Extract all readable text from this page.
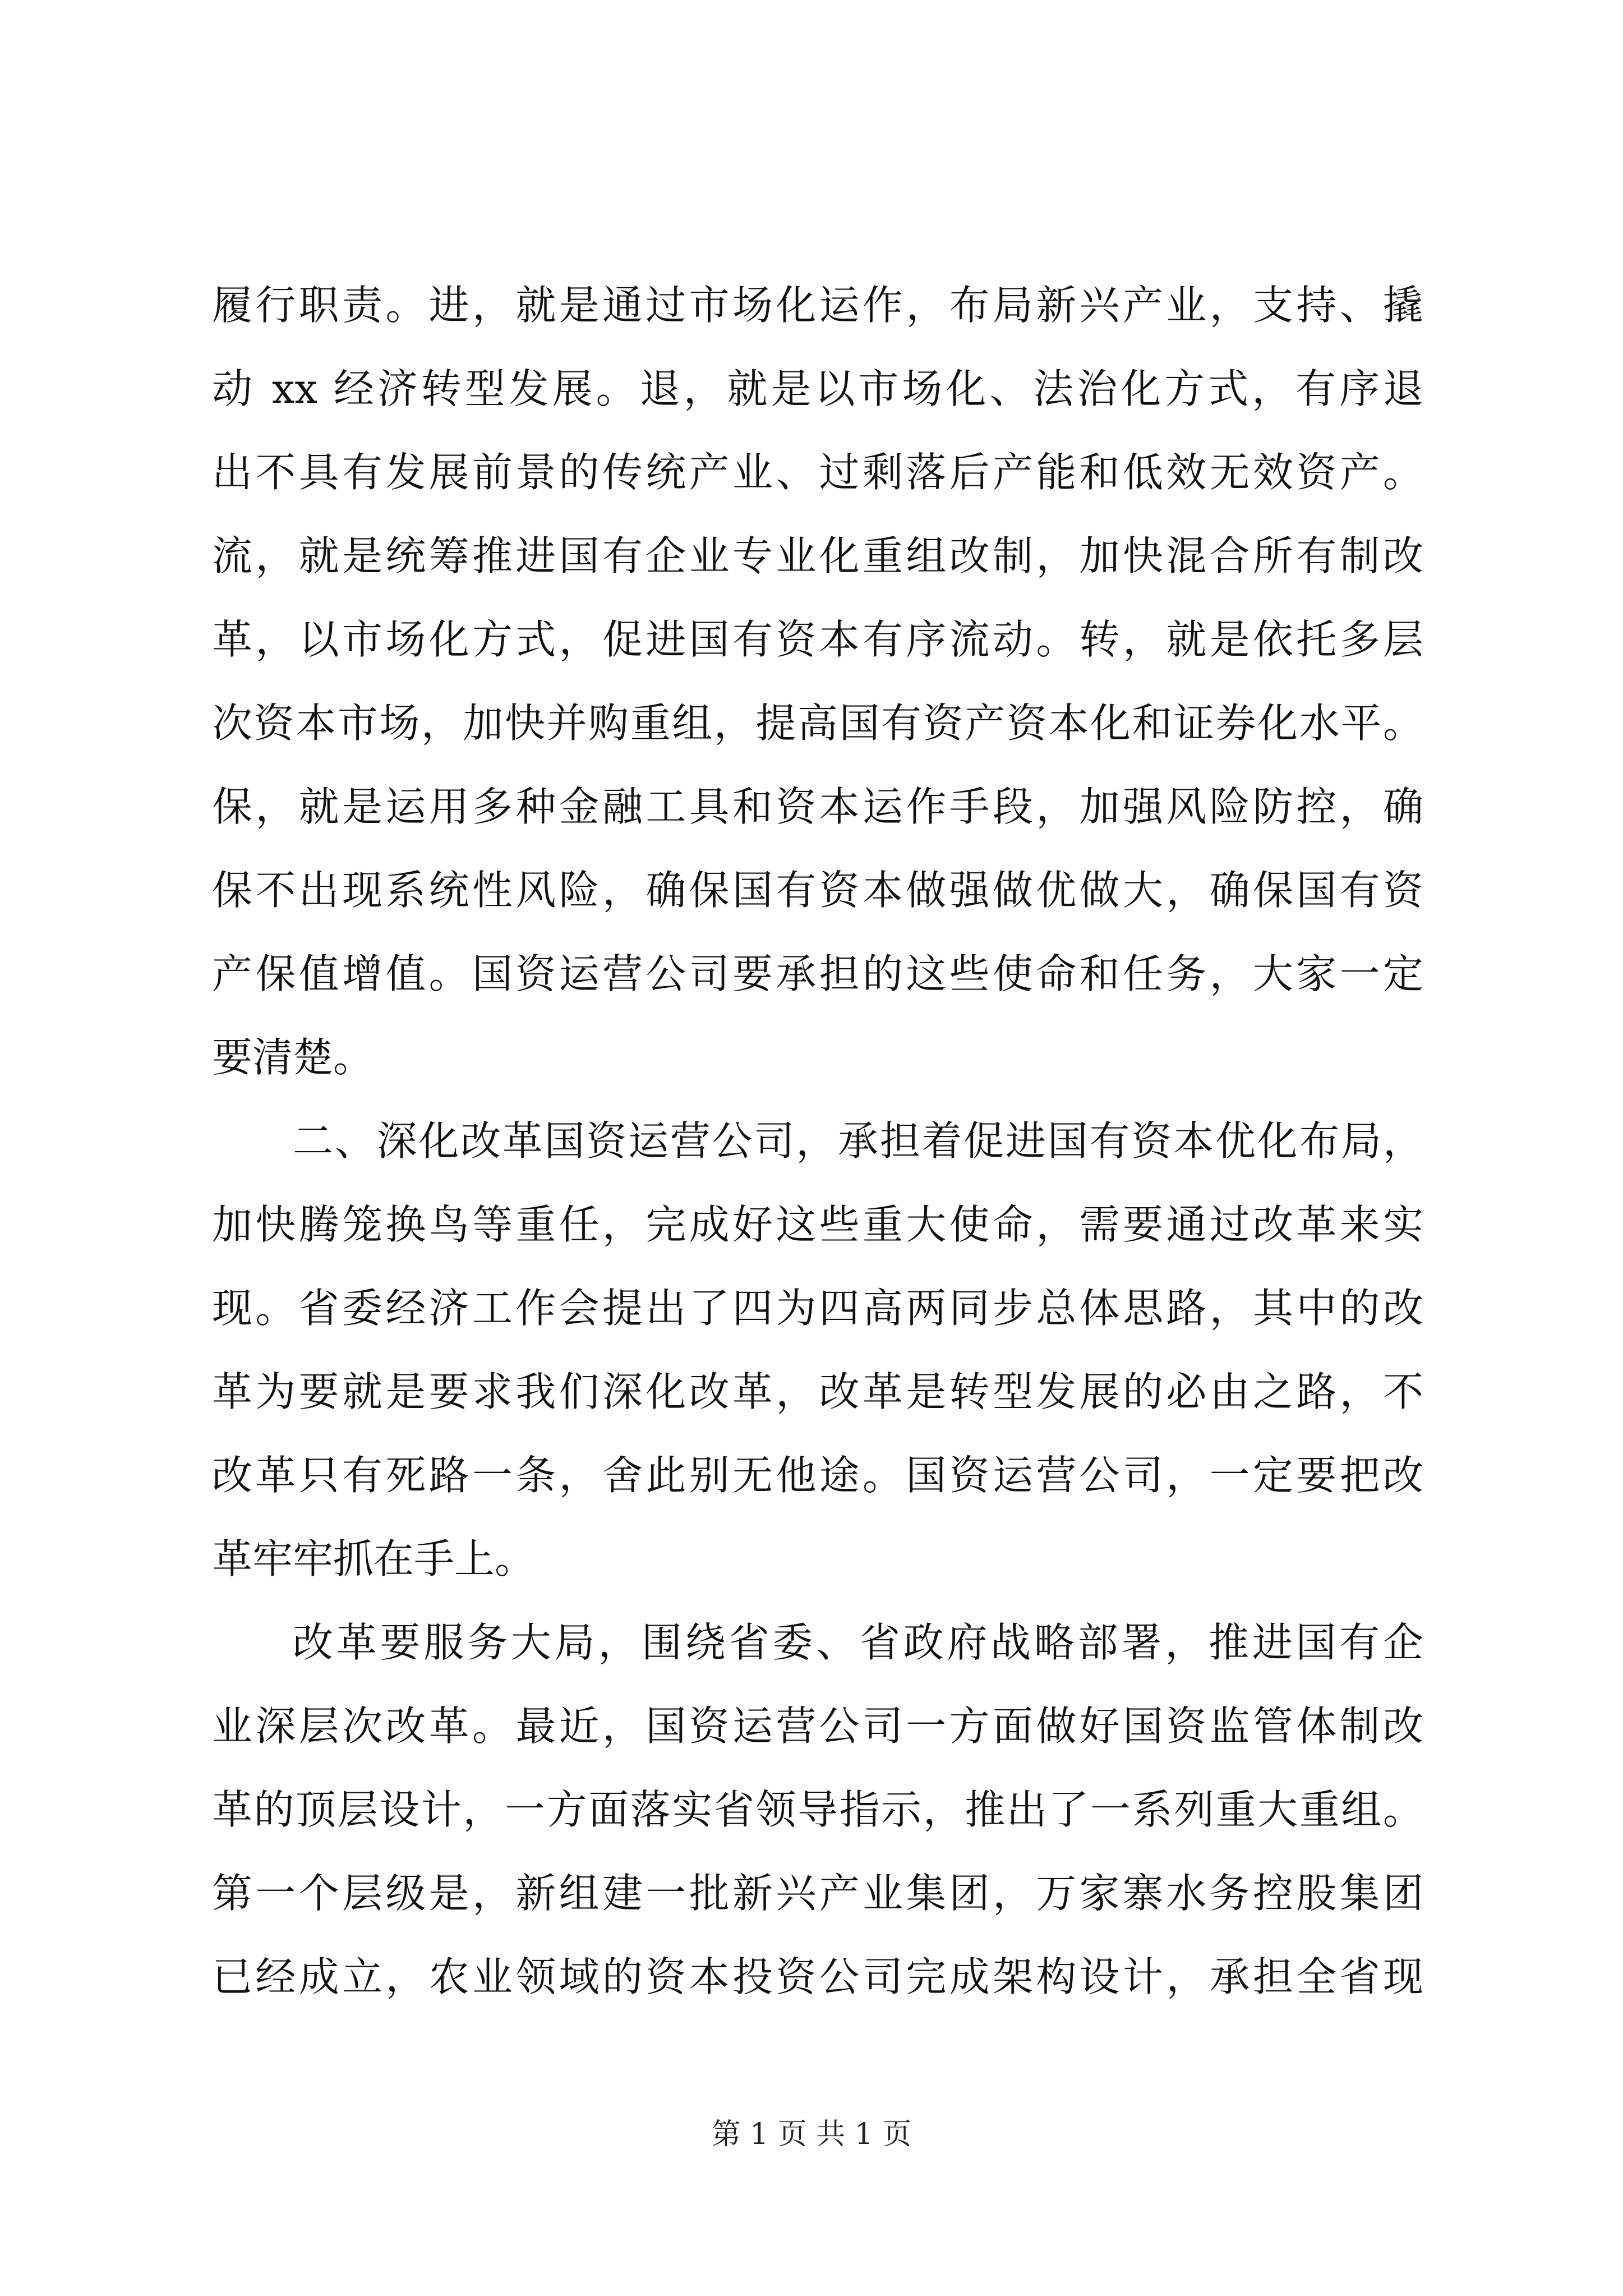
履行职责。进，就是通过市场化运作，布局新兴产业，支持、撬
动 xx 经济转型发展。退，就是以市场化、法治化方式，有序退
出不具有发展前景的传统产业、过剩落后产能和低效无效资产。
流，就是统筹推进国有企业专业化重组改制，加快混合所有制改
革，以市场化方式，促进国有资本有序流动。转，就是依托多层
次资本市场，加快并购重组，提高国有资产资本化和证券化水平。
保，就是运用多种金融工具和资本运作手段，加强风险防控，确
保不出现系统性风险，确保国有资本做强做优做大，确保国有资
产保值增值。国资运营公司要承担的这些使命和任务，大家一定
要清楚。
二、深化改革国资运营公司，承担着促进国有资本优化布局，
加快腾笼换鸟等重任，完成好这些重大使命，需要通过改革来实
现。省委经济工作会提出了四为四高两同步总体思路，其中的改
革为要就是要求我们深化改革，改革是转型发展的必由之路，不
改革只有死路一条，舍此别无他途。国资运营公司，一定要把改
革牢牢抓在手上。
改革要服务大局，围绕省委、省政府战略部署，推进国有企
业深层次改革。最近，国资运营公司一方面做好国资监管体制改
革的顶层设计，一方面落实省领导指示，推出了一系列重大重组。
第一个层级是，新组建一批新兴产业集团，万家寨水务控股集团
已经成立，农业领域的资本投资公司完成架构设计，承担全省现
第 1 页 共 1 页
